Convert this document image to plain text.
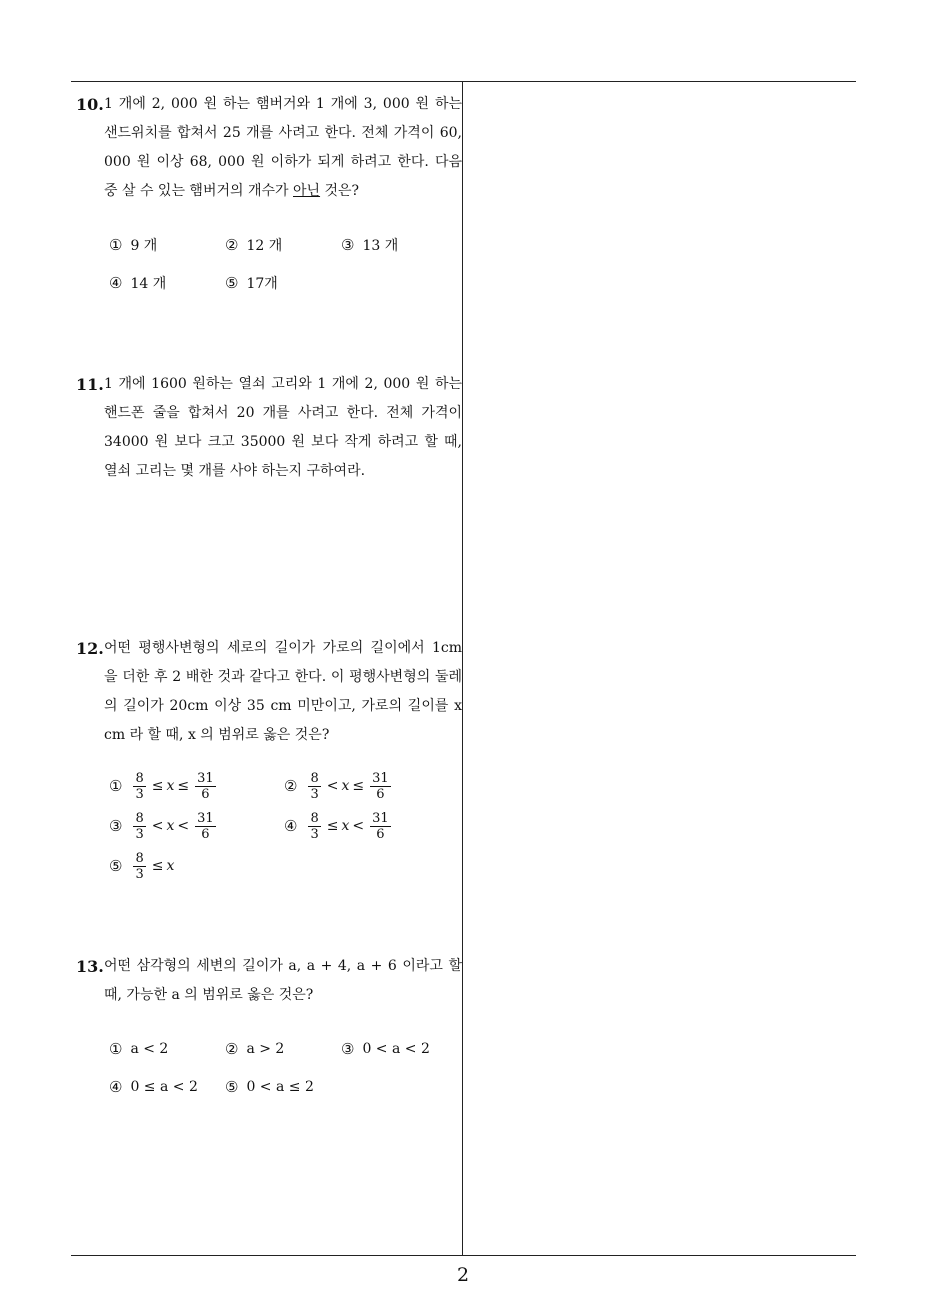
10. 1 개에 2, 000 원 하는 햄버거와 1 개에 3, 000 원 하는 샌드위치를 합쳐서 25 개를 사려고 한다. 전체 가격이 60, 000 원 이상 68, 000 원 이하가 되게 하려고 한다. 다음 중 살 수 있는 햄버거의 개수가 아닌 것은?

① 9 개	② 12 개	③ 13 개
④ 14 개	⑤ 17개
11. 1 개에 1600 원하는 열쇠 고리와 1 개에 2, 000 원 하는 핸드폰 줄을 합쳐서 20 개를 사려고 한다. 전체 가격이 34000 원 보다 크고 35000 원 보다 작게 하려고 할 때, 열쇠 고리는 몇 개를 사야 하는지 구하여라.

12. 어떤 평행사변형의 세로의 길이가 가로의 길이에서 1cm 을 더한 후 2 배한 것과 같다고 한다. 이 평행사변형의 둘레의 길이가 20cm 이상 35 cm 미만이고, 가로의 길이를 x cm 라 할 때, x 의 범위로 옳은 것은?

① $\frac{8}{3} \le x \le \frac{31}{6}$	② $\frac{8}{3} < x \le \frac{31}{6}$
③ $\frac{8}{3} < x < \frac{31}{6}$	④ $\frac{8}{3} \le x < \frac{31}{6}$
⑤ $\frac{8}{3} \le x$
13. 어떤 삼각형의 세변의 길이가 a, a + 4, a + 6 이라고 할 때, 가능한 a 의 범위로 옳은 것은?

① a < 2	② a > 2	③ 0 < a < 2
④ 0 ≤ a < 2 ⑤ 0 < a ≤ 2
2
